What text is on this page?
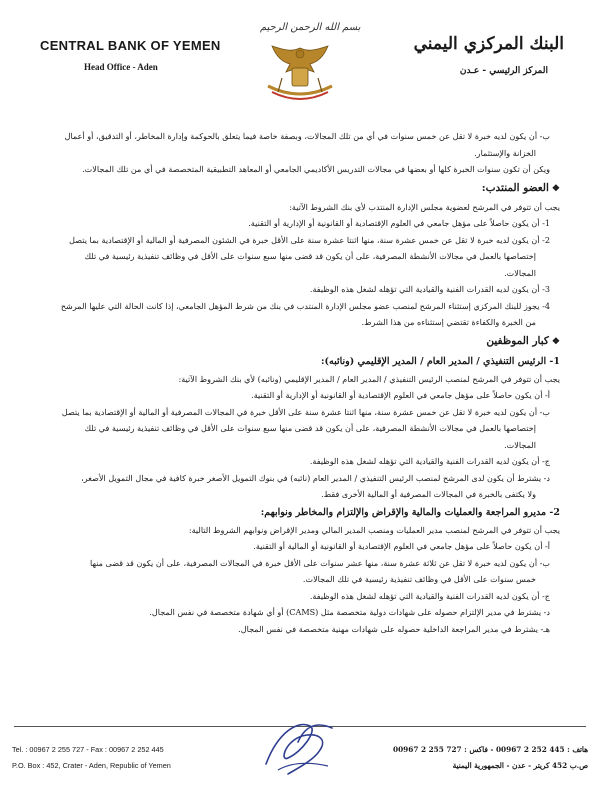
CENTRAL BANK OF YEMEN
Head Office - Aden
بسم الله الرحمن الرحيم
البنك المركزي اليمني
المركز الرئيسي - عـدن
ب- أن يكون لديه خبرة لا تقل عن خمس سنوات في أي من تلك المجالات، وبصفة خاصة فيما يتعلق بالحوكمة وإدارة المخاطر، أو التدقيق، أو أعمال
الخزانة والإستثمار.
ويكن أن تكون سنوات الخبرة كلها أو بعضها في مجالات التدريس الأكاديمي الجامعي أو المعاهد التطبيقية المتخصصة في أي من تلك المجالات.
❖العضو المنتدب:
يجب أن تتوفر في المرشح لعضوية مجلس الإدارة المنتدب لأي بنك الشروط الآتية:
1- أن يكون حاصلاً على مؤهل جامعي في العلوم الإقتصادية أو القانونية أو الإدارية أو التقنية.
2- أن يكون لديه خبرة لا تقل عن خمس عشرة سنة، منها اثنتا عشرة سنة على الأقل خبرة في الشئون المصرفية أو المالية أو الإقتصادية بما يتصل
إختصاصها بالعمل في مجالات الأنشطة المصرفية، على أن يكون قد قضى منها سبع سنوات على الأقل في وظائف تنفيذية رئيسية في تلك
المجالات.
3- أن يكون لديه القدرات الفنية والقيادية التي تؤهله لشغل هذه الوظيفة.
4- يجوز للبنك المركزي إستثناء المرشح لمنصب عضو مجلس الإدارة المنتدب في بنك من شرط المؤهل الجامعي، إذا كانت الحالة التي عليها المرشح
من الخبرة والكفاءة تقتضي إستثناءه من هذا الشرط.
❖كبار الموظفين
1- الرئيس التنفيذي / المدير العام / المدير الإقليمي (ونائبه):
يجب أن تتوفر في المرشح لمنصب الرئيس التنفيذي / المدير العام / المدير الإقليمي (ونائبه) لأي بنك الشروط الآتية:
أ- أن يكون حاصلاً على مؤهل جامعي في العلوم الإقتصادية أو القانونية أو الإدارية أو التقنية.
ب- أن يكون لديه خبرة لا تقل عن خمس عشرة سنة، منها اثنتا عشرة سنة على الأقل خبرة في المجالات المصرفية أو المالية أو الإقتصادية بما يتصل
إختصاصها بالعمل في مجالات الأنشطة المصرفية، على أن يكون قد قضى منها سبع سنوات على الأقل في وظائف تنفيذية رئيسية في تلك
المجالات.
ج- أن يكون لديه القدرات الفنية والقيادية التي تؤهله لشغل هذه الوظيفة.
د- يشترط أن يكون لدى المرشح لمنصب الرئيس التنفيذي / المدير العام (نائبه) في بنوك التمويل الأصغر خبرة كافية في مجال التمويل الأصغر،
ولا يكتفى بالخبرة في المجالات المصرفية أو المالية الأخرى فقط.
2- مديرو المراجعة والعمليات والمالية والإقراض والإلتزام والمخاطر ونوابهم:
يجب أن تتوفر في المرشح لمنصب مدير العمليات ومنصب المدير المالي ومدير الإقراض ونوابهم الشروط التالية:
أ- أن يكون حاصلاً على مؤهل جامعي في العلوم الإقتصادية أو القانونية أو المالية أو التقنية.
ب- أن يكون لديه خبرة لا تقل عن ثلاثة عشرة سنة، منها عشر سنوات على الأقل خبرة في المجالات المصرفية، على أن يكون قد قضى منها
خمس سنوات على الأقل في وظائف تنفيذية رئيسية في تلك المجالات.
ج- أن يكون لديه القدرات الفنية والقيادية التي تؤهله لشغل هذه الوظيفة.
د- يشترط في مدير الإلتزام حصوله على شهادات دولية متخصصة مثل (CAMS) أو أي شهادة متخصصة في نفس المجال.
هـ- يشترط في مدير المراجعة الداخلية حصوله على شهادات مهنية متخصصة في نفس المجال.
Tel. : 00967 2 255 727 - Fax : 00967 2 252 445
P.O. Box : 452, Crater - Aden, Republic of Yemen
هاتف : 445 252 2 00967 - فاكس : 727 255 2 00967
ص.ب 452 كريتر - عدن - الجمهورية اليمنية
